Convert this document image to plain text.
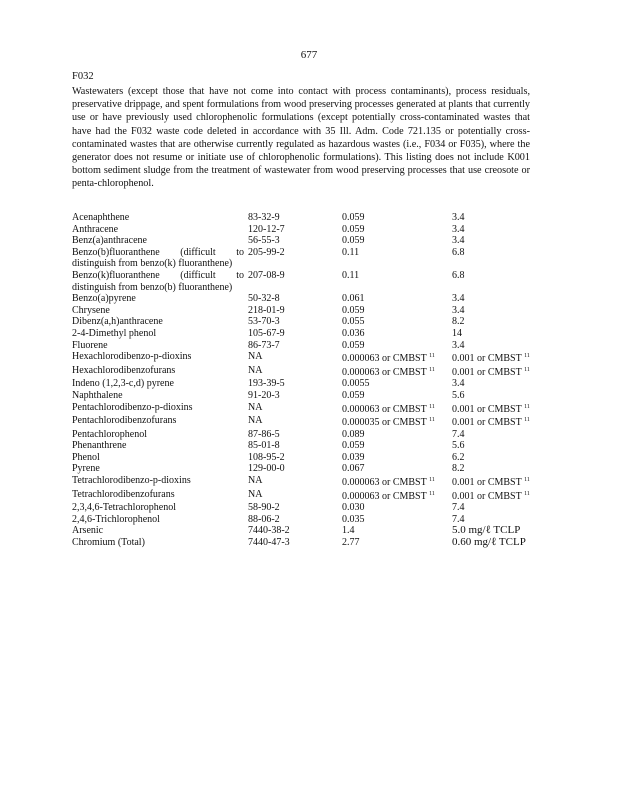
677
F032
Wastewaters (except those that have not come into contact with process contaminants), process residuals, preservative drippage, and spent formulations from wood preserving processes generated at plants that currently use or have previously used chlorophenolic formulations (except potentially cross-contaminated wastes that have had the F032 waste code deleted in accordance with 35 Ill. Adm. Code 721.135 or potentially cross-contaminated wastes that are otherwise currently regulated as hazardous wastes (i.e., F034 or F035), where the generator does not resume or initiate use of chlorophenolic formulations). This listing does not include K001 bottom sediment sludge from the treatment of wastewater from wood preserving processes that use creosote or penta-chlorophenol.
Acenaphthene	83-32-9	0.059	3.4
Anthracene	120-12-7	0.059	3.4
Benz(a)anthracene	56-55-3	0.059	3.4
Benzo(b)fluoranthene (difficult to distinguish from benzo(k) fluoranthene)	205-99-2	0.11	6.8
Benzo(k)fluoranthene (difficult to distinguish from benzo(b) fluoranthene)	207-08-9	0.11	6.8
Benzo(a)pyrene	50-32-8	0.061	3.4
Chrysene	218-01-9	0.059	3.4
Dibenz(a,h)anthracene	53-70-3	0.055	8.2
2-4-Dimethyl phenol	105-67-9	0.036	14
Fluorene	86-73-7	0.059	3.4
Hexachlorodibenzo-p-dioxins	NA	0.000063 or CMBST $^{11}$	0.001 or CMBST $^{11}$
Hexachlorodibenzofurans	NA	0.000063 or CMBST $^{11}$	0.001 or CMBST $^{11}$
Indeno (1,2,3-c,d) pyrene	193-39-5	0.0055	3.4
Naphthalene	91-20-3	0.059	5.6
Pentachlorodibenzo-p-dioxins	NA	0.000063 or CMBST $^{11}$	0.001 or CMBST $^{11}$
Pentachlorodibenzofurans	NA	0.000035 or CMBST $^{11}$	0.001 or CMBST $^{11}$
Pentachlorophenol	87-86-5	0.089	7.4
Phenanthrene	85-01-8	0.059	5.6
Phenol	108-95-2	0.039	6.2
Pyrene	129-00-0	0.067	8.2
Tetrachlorodibenzo-p-dioxins	NA	0.000063 or CMBST $^{11}$	0.001 or CMBST $^{11}$
Tetrachlorodibenzofurans	NA	0.000063 or CMBST $^{11}$	0.001 or CMBST $^{11}$
2,3,4,6-Tetrachlorophenol	58-90-2	0.030	7.4
2,4,6-Trichlorophenol	88-06-2	0.035	7.4
Arsenic	7440-38-2	1.4	5.0 mg/ℓ TCLP
Chromium (Total)	7440-47-3	2.77	0.60 mg/ℓ TCLP
